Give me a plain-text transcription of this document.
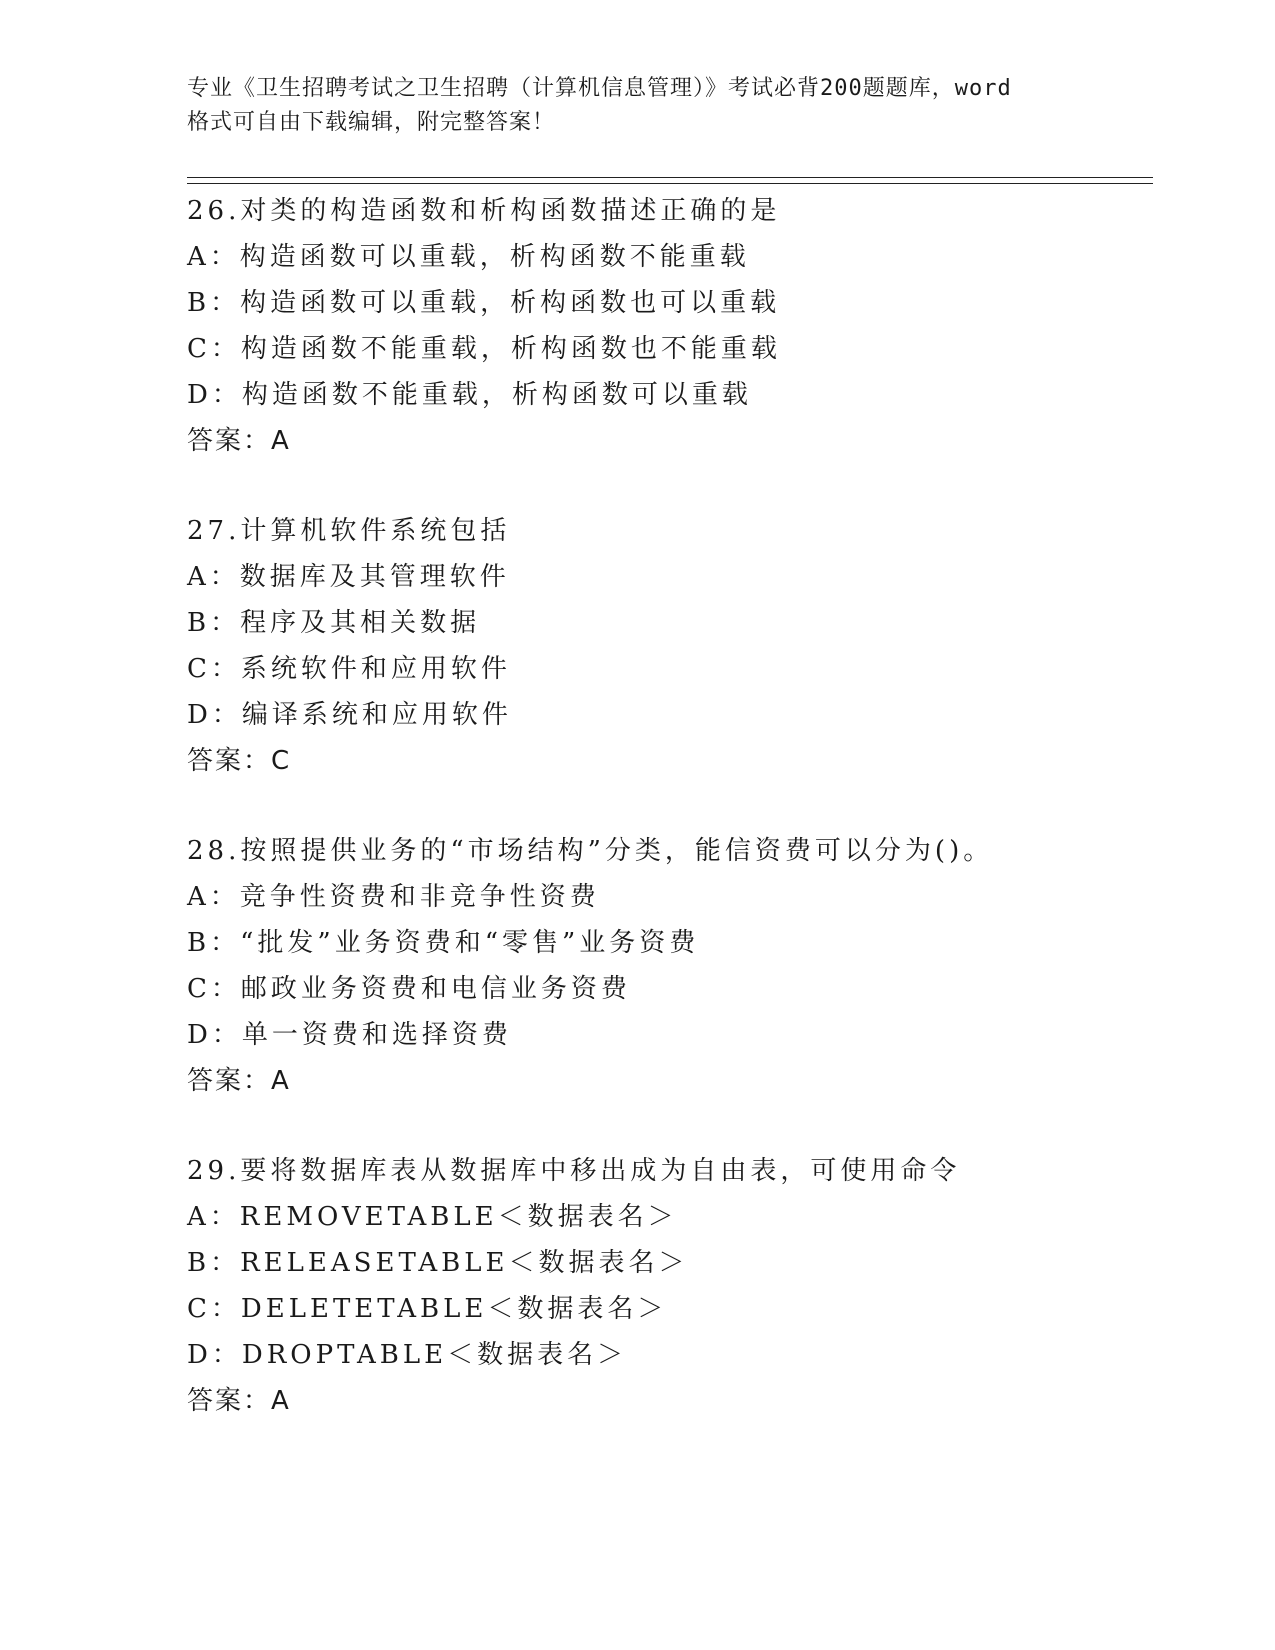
专业《卫生招聘考试之卫生招聘（计算机信息管理）》考试必背200题题库，word
格式可自由下载编辑，附完整答案！
26.对类的构造函数和析构函数描述正确的是
A：构造函数可以重载，析构函数不能重载
B：构造函数可以重载，析构函数也可以重载
C：构造函数不能重载，析构函数也不能重载
D：构造函数不能重载，析构函数可以重载
答案：A
27.计算机软件系统包括
A：数据库及其管理软件
B：程序及其相关数据
C：系统软件和应用软件
D：编译系统和应用软件
答案：C
28.按照提供业务的“市场结构”分类，能信资费可以分为()。
A：竞争性资费和非竞争性资费
B：“批发”业务资费和“零售”业务资费
C：邮政业务资费和电信业务资费
D：单一资费和选择资费
答案：A
29.要将数据库表从数据库中移出成为自由表，可使用命令
A：REMOVETABLE＜数据表名＞
B：RELEASETABLE＜数据表名＞
C：DELETETABLE＜数据表名＞
D：DROPTABLE＜数据表名＞
答案：A
